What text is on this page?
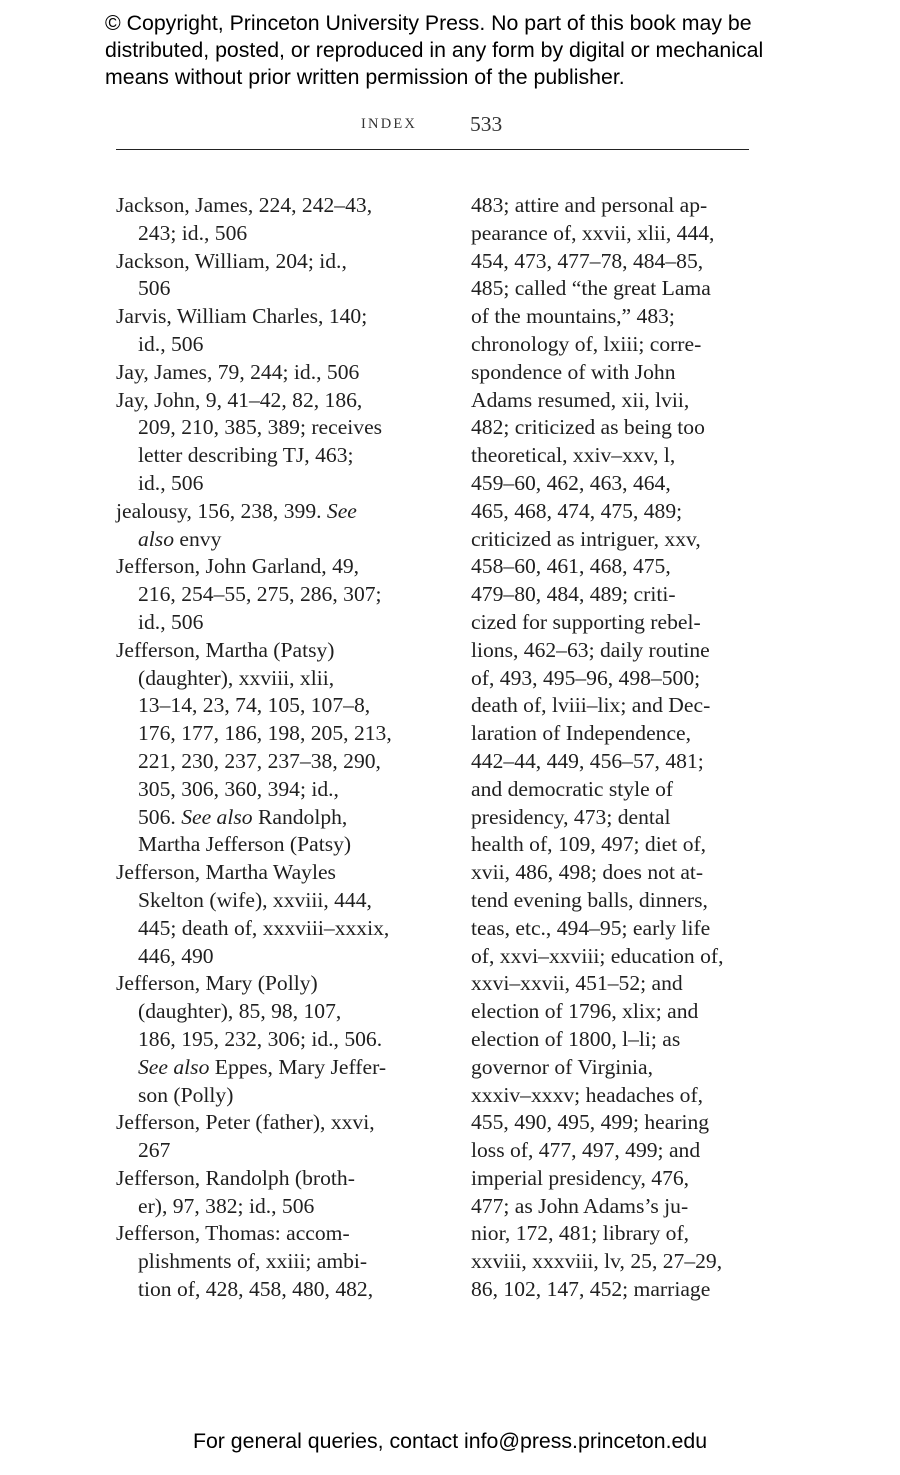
© Copyright, Princeton University Press. No part of this book may be
distributed, posted, or reproduced in any form by digital or mechanical
means without prior written permission of the publisher.
INDEX 533
Jackson, James, 224, 242–43,
243; id., 506
Jackson, William, 204; id.,
506
Jarvis, William Charles, 140;
id., 506
Jay, James, 79, 244; id., 506
Jay, John, 9, 41–42, 82, 186,
209, 210, 385, 389; receives
letter describing TJ, 463;
id., 506
jealousy, 156, 238, 399. See
also envy
Jefferson, John Garland, 49,
216, 254–55, 275, 286, 307;
id., 506
Jefferson, Martha (Patsy)
(daughter), xxviii, xlii,
13–14, 23, 74, 105, 107–8,
176, 177, 186, 198, 205, 213,
221, 230, 237, 237–38, 290,
305, 306, 360, 394; id.,
506. See also Randolph,
Martha Jefferson (Patsy)
Jefferson, Martha Wayles
Skelton (wife), xxviii, 444,
445; death of, xxxviii–xxxix,
446, 490
Jefferson, Mary (Polly)
(daughter), 85, 98, 107,
186, 195, 232, 306; id., 506.
See also Eppes, Mary Jeffer-
son (Polly)
Jefferson, Peter (father), xxvi,
267
Jefferson, Randolph (broth-
er), 97, 382; id., 506
Jefferson, Thomas: accom-
plishments of, xxiii; ambi-
tion of, 428, 458, 480, 482,
483; attire and personal ap-
pearance of, xxvii, xlii, 444,
454, 473, 477–78, 484–85,
485; called “the great Lama
of the mountains,” 483;
chronology of, lxiii; corre-
spondence of with John
Adams resumed, xii, lvii,
482; criticized as being too
theoretical, xxiv–xxv, l,
459–60, 462, 463, 464,
465, 468, 474, 475, 489;
criticized as intriguer, xxv,
458–60, 461, 468, 475,
479–80, 484, 489; criti-
cized for supporting rebel-
lions, 462–63; daily routine
of, 493, 495–96, 498–500;
death of, lviii–lix; and Dec-
laration of Independence,
442–44, 449, 456–57, 481;
and democratic style of
presidency, 473; dental
health of, 109, 497; diet of,
xvii, 486, 498; does not at-
tend evening balls, dinners,
teas, etc., 494–95; early life
of, xxvi–xxviii; education of,
xxvi–xxvii, 451–52; and
election of 1796, xlix; and
election of 1800, l–li; as
governor of Virginia,
xxxiv–xxxv; headaches of,
455, 490, 495, 499; hearing
loss of, 477, 497, 499; and
imperial presidency, 476,
477; as John Adams’s ju-
nior, 172, 481; library of,
xxviii, xxxviii, lv, 25, 27–29,
86, 102, 147, 452; marriage
For general queries, contact info@press.princeton.edu
